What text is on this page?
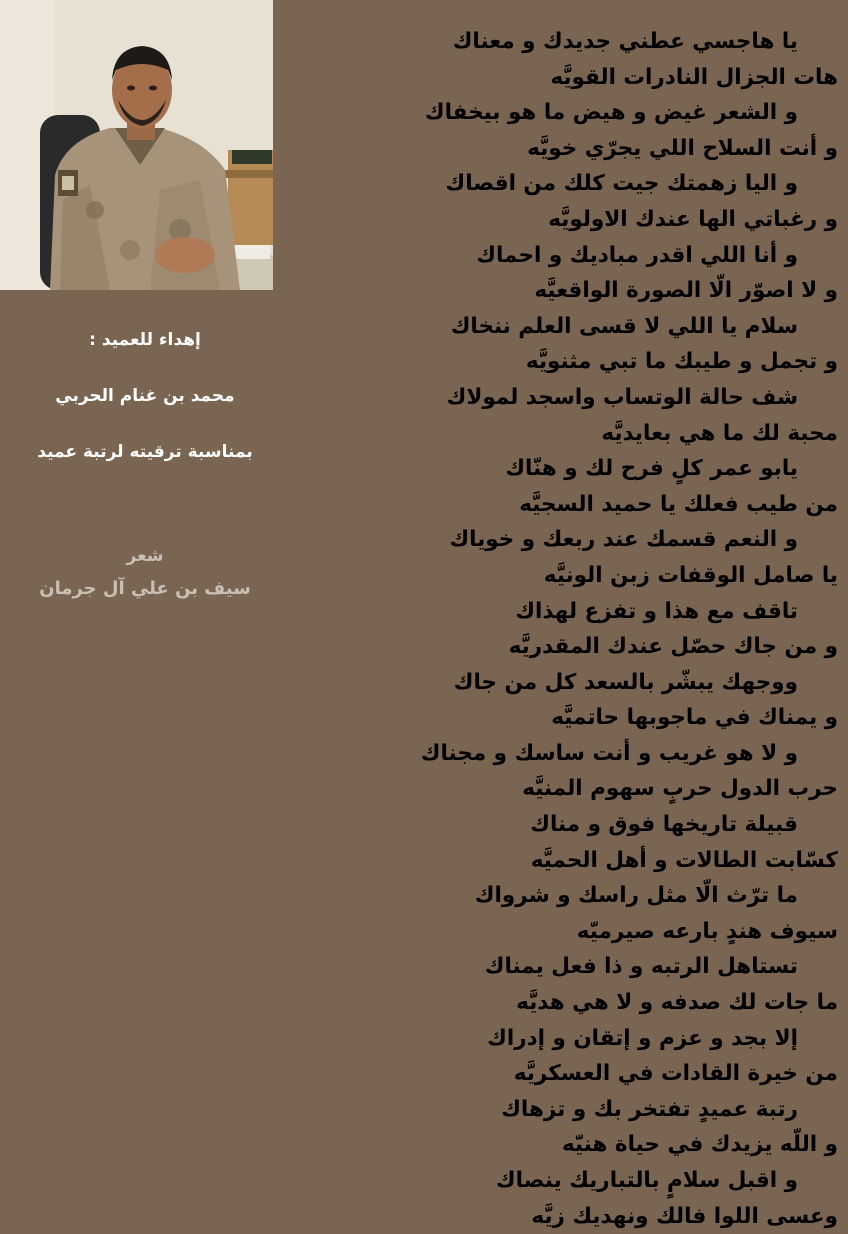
إهداء للعميد :
محمد بن غنام الحربي
بمناسبة ترقيته لرتبة عميد
شعر
سيف بن علي آل جرمان
يا هاجسي عطني جديدك و معناك
هات الجزال النادرات القويَّه
و الشعر غيض و هيض ما هو بيخفاك
و أنت السلاح اللي يجرّي خويَّه
و اليا زهمتك جيت كلك من اقصاك
و رغباتي الها عندك الاولويَّه
و أنا اللي اقدر مباديك و احماك
و لا اصوّر الّا الصورة الواقعيَّه
سلام يا اللي لا قسى العلم ننخاك
و تجمل و طيبك ما تبي مثنويَّه
شف حالة الوتساب واسجد لمولاك
محبة لك ما هي بعايديَّه
يابو عمر كلٍ فرح لك و هنّاك
من طيب فعلك يا حميد السجيَّه
و النعم قسمك عند ربعك و خوياك
يا صامل الوقفات زبن الونيَّه
تاقف مع هذا و تفزع لهذاك
و من جاك حصّل عندك المقدريَّه
ووجهك يبشّر بالسعد كل من جاك
و يمناك في ماجوبها حاتميَّه
و لا هو غريب و أنت ساسك و مجناك
حرب الدول حربٍ سهوم المنيَّه
قبيلة تاريخها فوق و مناك
كسّابت الطالات و أهل الحميَّه
ما ترّث الّا مثل راسك و شرواك
سيوف هندٍ بارعه صيرميّه
تستاهل الرتبه و ذا فعل يمناك
ما جات لك صدفه و لا هي هديَّه
إلا بجد و عزم و إتقان و إدراك
من خيرة القادات في العسكريَّه
رتبة عميدٍ تفتخر بك و تزهاك
و اللّه يزيدك في حياة هنيّه
و اقبل سلامٍ بالتباريك ينصاك
وعسى اللوا فالك ونهديك زيَّه
